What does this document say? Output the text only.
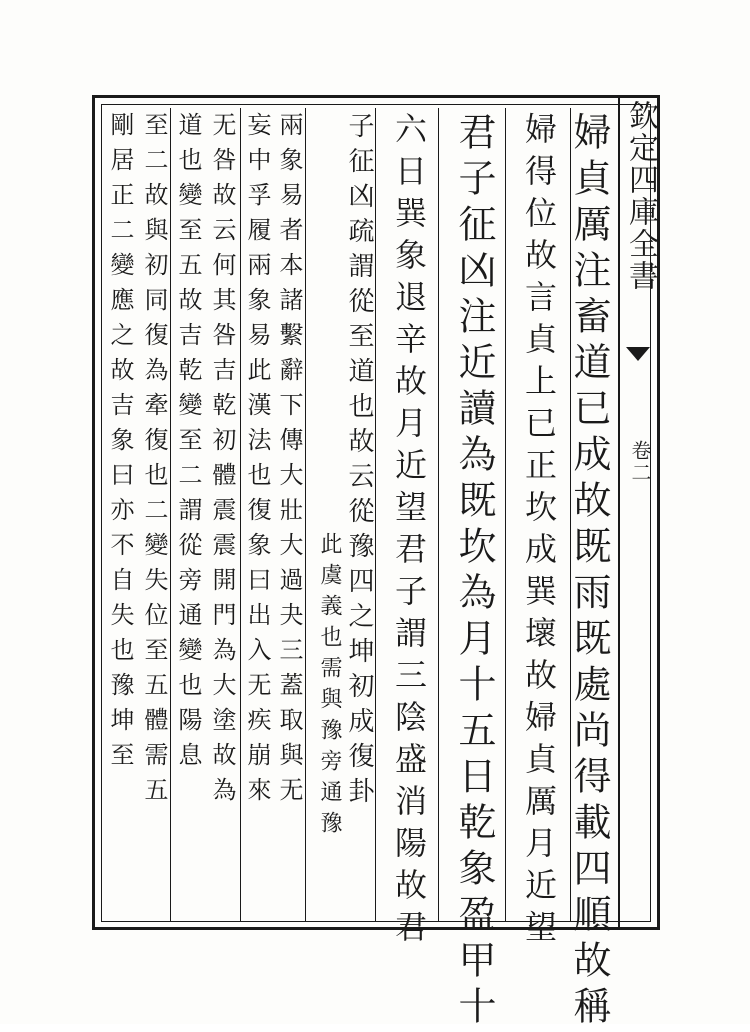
欽定四庫全書
卷二
婦貞厲注畜道已成故既雨既處尚得載四順故稱
婦得位故言貞上已正坎成巽壞故婦貞厲月近望
君子征凶注近讀為既坎為月十五日乾象盈甲十
六日巽象退辛故月近望君子謂三陰盛消陽故君
子征凶疏謂從至道也故云從豫四之坤初成復卦
此虞義也需與豫旁通豫
兩象易者本諸繫辭下傳大壯大過夬三蓋取與无
妄中孚履兩象易此漢法也復象曰出入无疾崩來
无咎故云何其咎吉乾初體震震開門為大塗故為
道也變至五故吉乾變至二謂從旁通變也陽息
至二故與初同復為牽復也二變失位至五體需五
剛居正二變應之故吉象曰亦不自失也豫坤至
